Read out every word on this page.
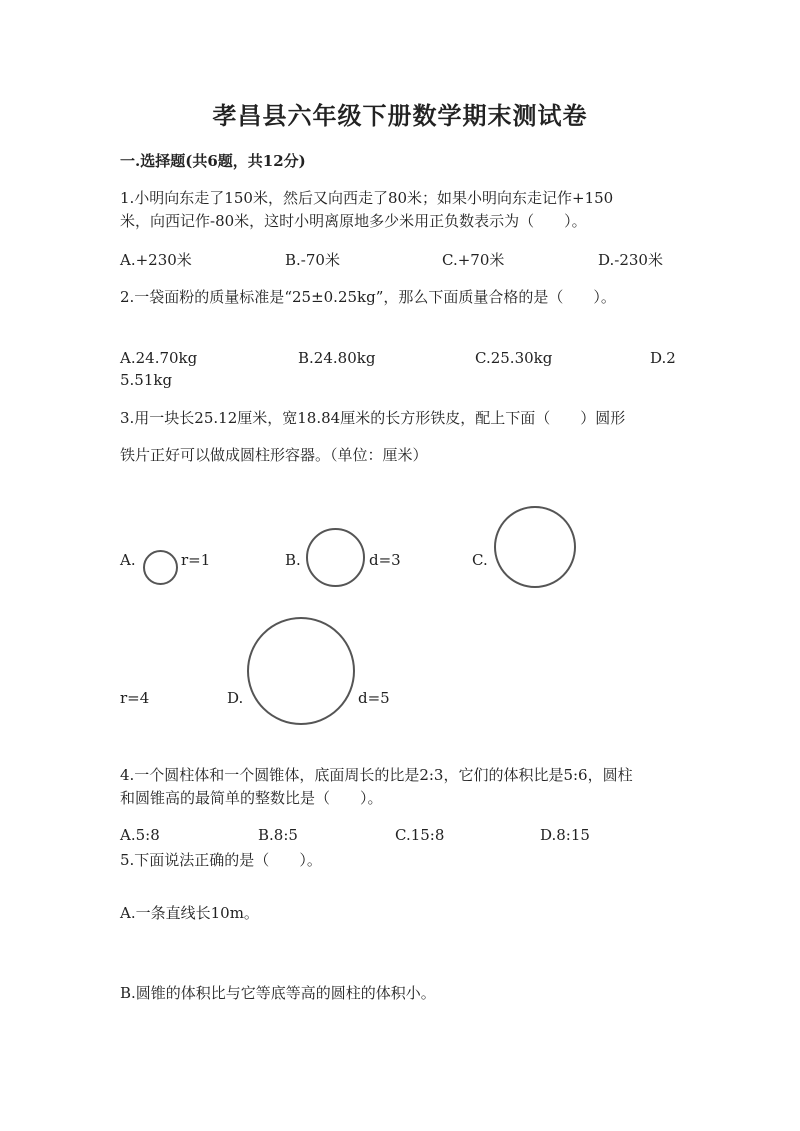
孝昌县六年级下册数学期末测试卷
一.选择题(共6题，共12分)
1.小明向东走了150米，然后又向西走了80米；如果小明向东走记作+150
米，向西记作-80米，这时小明离原地多少米用正负数表示为（　　）。
A.+230米	B.-70米	C.+70米	D.-230米
2.一袋面粉的质量标准是“25±0.25kg”，那么下面质量合格的是（　　）。
A.24.70kg	B.24.80kg	C.25.30kg	D.2
5.51kg
3.用一块长25.12厘米，宽18.84厘米的长方形铁皮，配上下面（　　）圆形
铁片正好可以做成圆柱形容器。（单位：厘米）
A.	r=1	B.	d=3	C.
r=4	D.	d=5
4.一个圆柱体和一个圆锥体，底面周长的比是2:3，它们的体积比是5:6，圆柱
和圆锥高的最简单的整数比是（　　）。
A.5:8	B.8:5	C.15:8	D.8:15
5.下面说法正确的是（　　）。
A.一条直线长10m。
B.圆锥的体积比与它等底等高的圆柱的体积小。
